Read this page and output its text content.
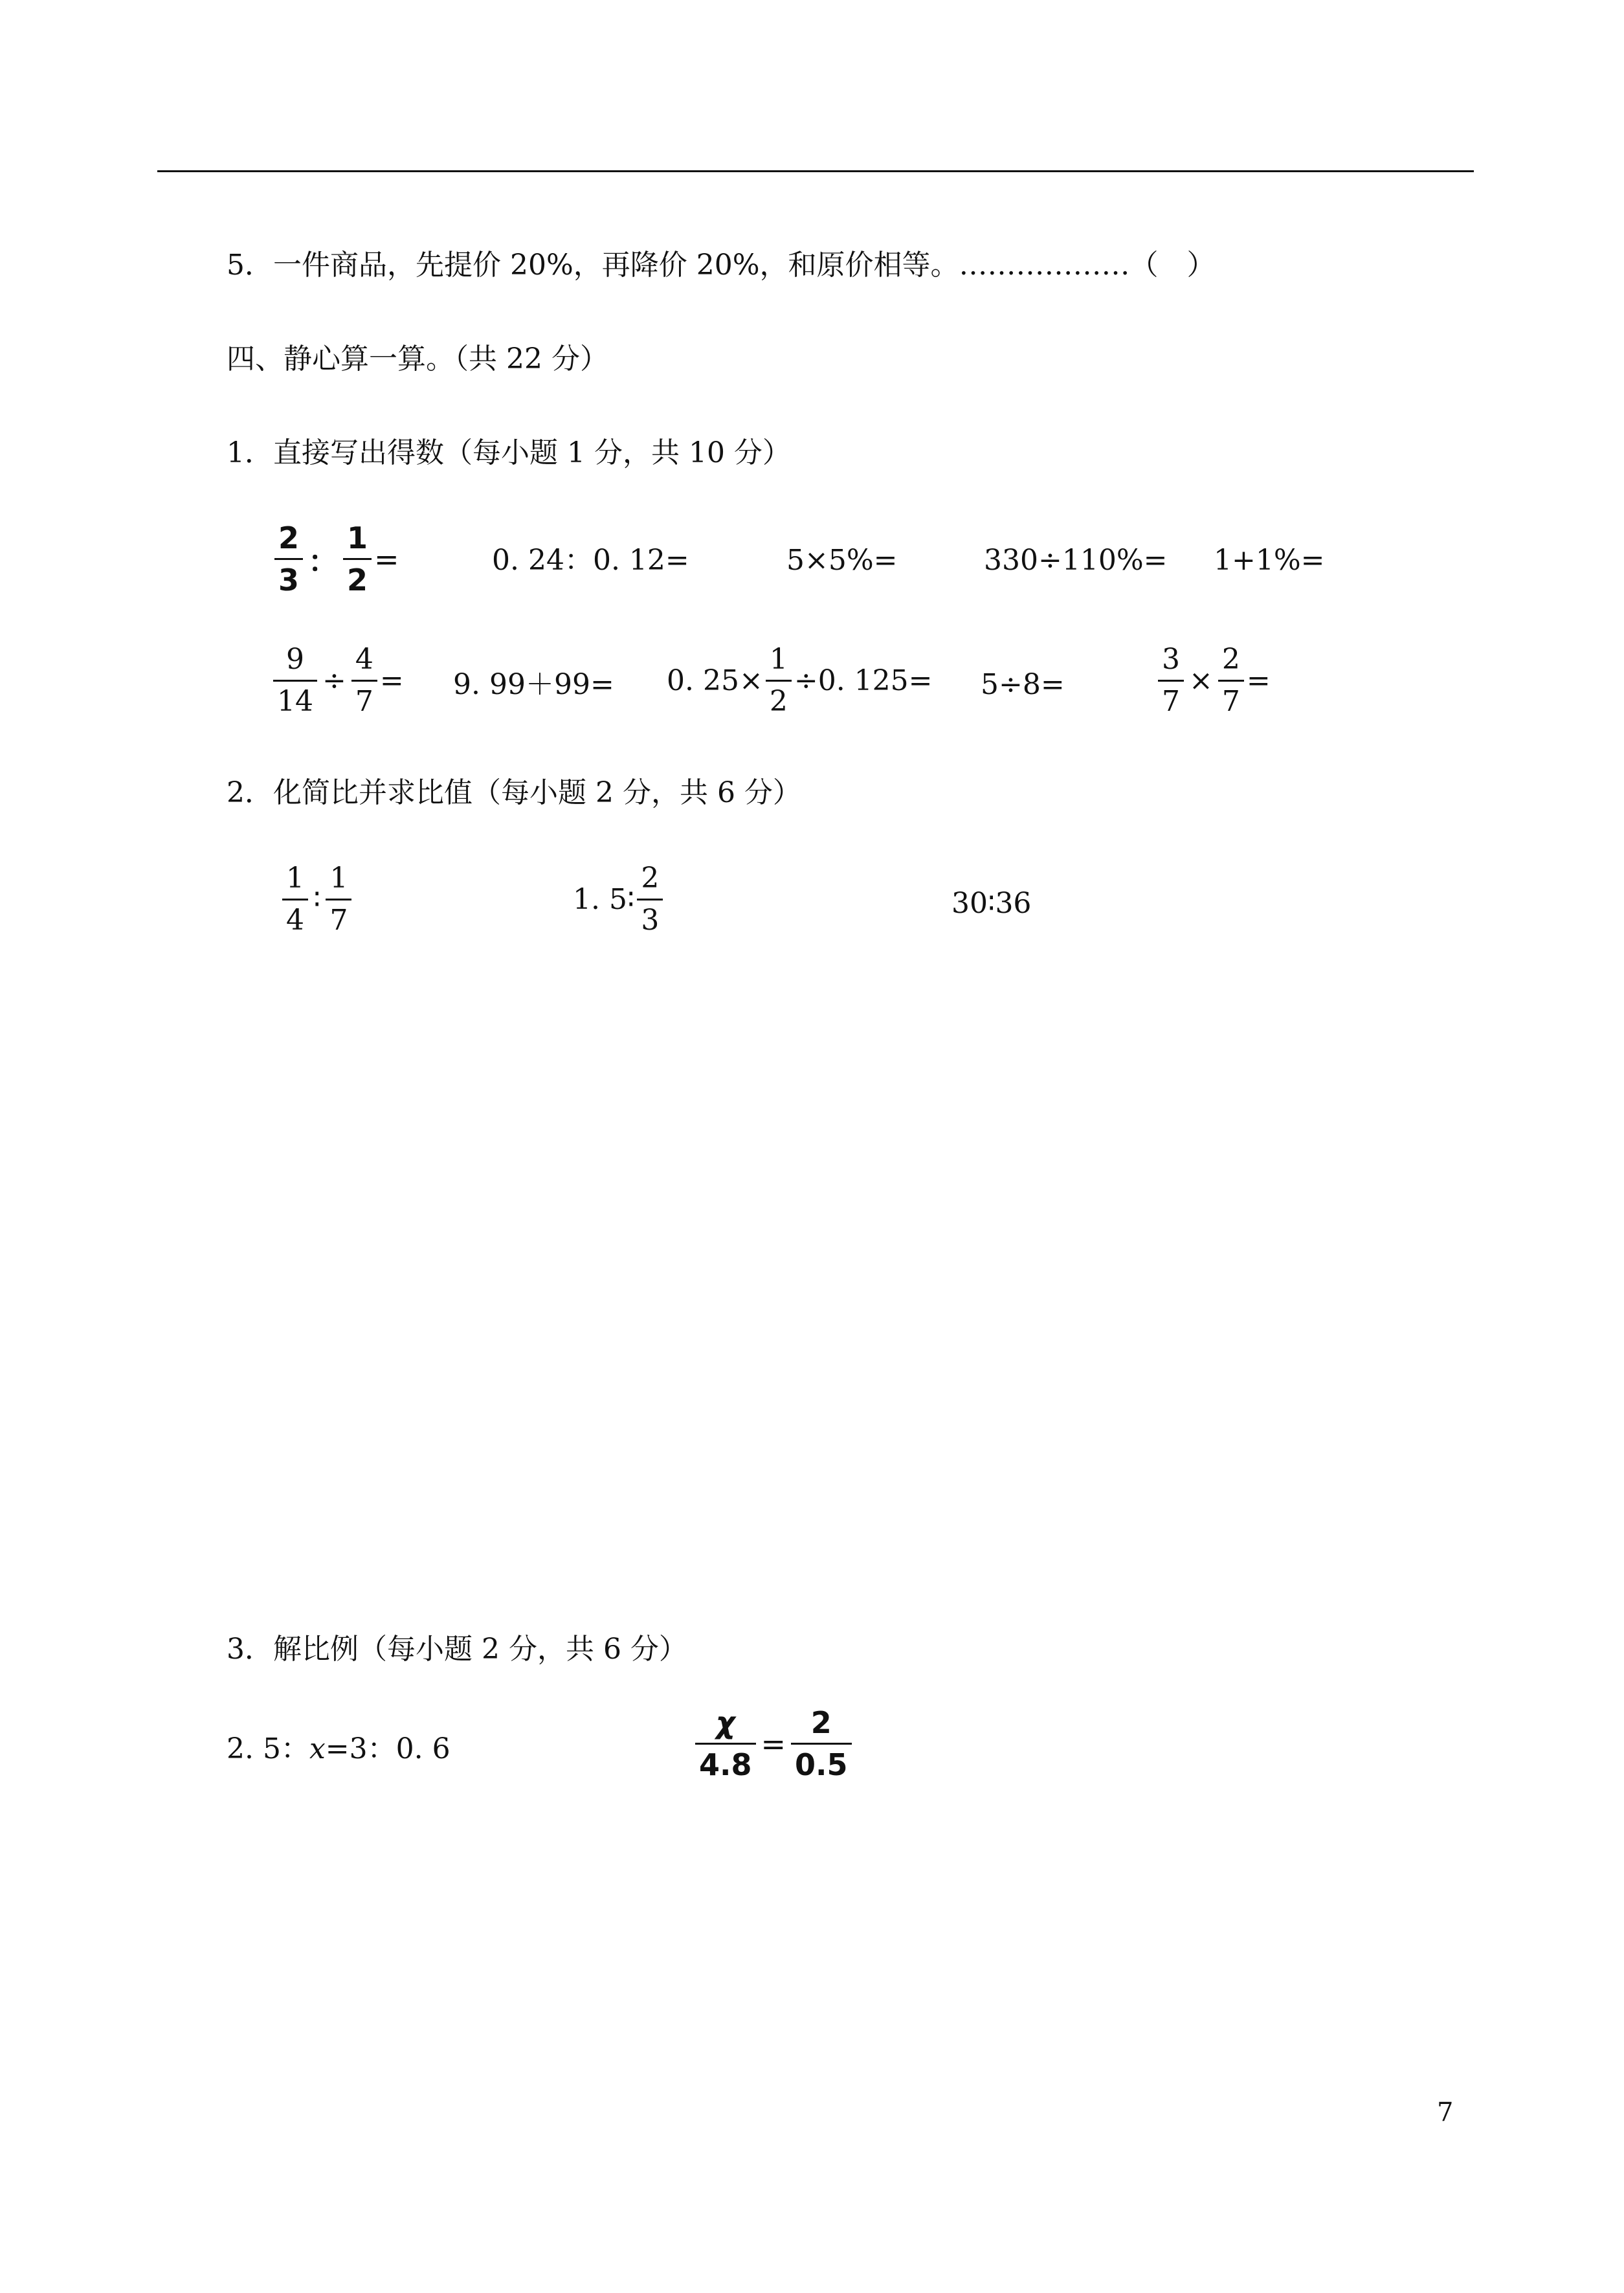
5．一件商品，先提价 20%，再降价 20%，和原价相等。………………（　）
四、静心算一算。（共 22 分）
1．直接写出得数（每小题 1 分，共 10 分）
$\frac{2}{3}$ ： $\frac{1}{2}$ =	0. 24：0. 12=	5×5%=	330÷110%= 1+1%=
$\frac{9}{14} \div \frac{4}{7} = 9$. 99＋99= 0. $25\times \frac{1}{2} \div 0$. 125= 5÷8=	$\frac{3}{7} \times \frac{2}{7}$ =
2．化简比并求比值（每小题 2 分，共 6 分）
$\frac{1}{4}$ ∶ $\frac{1}{7}$	1. 5∶ $\frac{2}{3}$	30∶36
3．解比例（每小题 2 分，共 6 分）
2. 5：x=3：0. 6	$\frac{\chi}{4.8} = \frac{2}{0.5}$
7
